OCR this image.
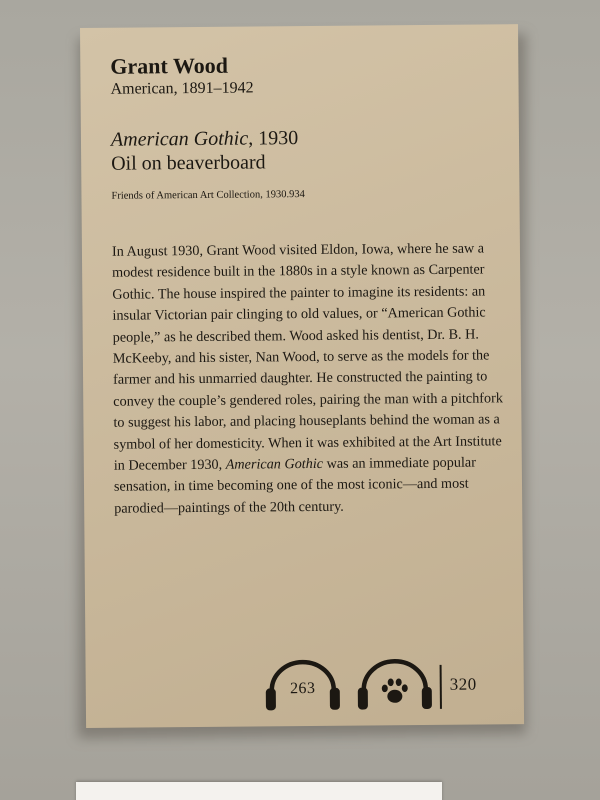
Grant Wood
American, 1891–1942
American Gothic, 1930
Oil on beaverboard
Friends of American Art Collection, 1930.934
In August 1930, Grant Wood visited Eldon, Iowa, where he saw a modest residence built in the 1880s in a style known as Carpenter Gothic. The house inspired the painter to imagine its residents: an insular Victorian pair clinging to old values, or “American Gothic people,” as he described them. Wood asked his dentist, Dr. B. H. McKeeby, and his sister, Nan Wood, to serve as the models for the farmer and his unmarried daughter. He constructed the painting to convey the couple’s gendered roles, pairing the man with a pitchfork to suggest his labor, and placing houseplants behind the woman as a symbol of her domesticity. When it was exhibited at the Art Institute in December 1930, American Gothic was an immediate popular sensation, in time becoming one of the most iconic—and most parodied—paintings of the 20th century.
263	320
